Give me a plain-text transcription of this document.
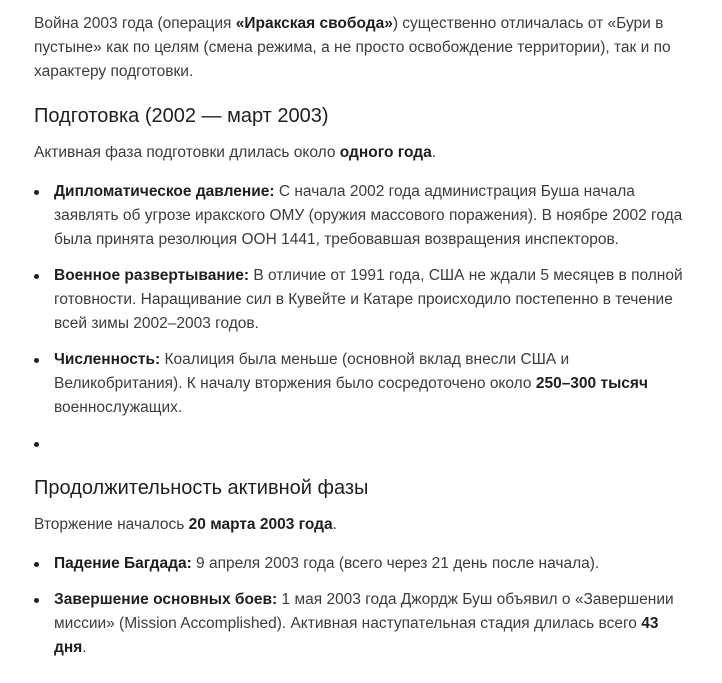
Война 2003 года (операция «Иракская свобода») существенно отличалась от «Бури в пустыне» как по целям (смена режима, а не просто освобождение территории), так и по характеру подготовки.

Подготовка (2002 — март 2003)

Активная фаза подготовки длилась около одного года.

Дипломатическое давление: С начала 2002 года администрация Буша начала заявлять об угрозе иракского ОМУ (оружия массового поражения). В ноябре 2002 года была принята резолюция ООН 1441, требовавшая возвращения инспекторов.
Военное развертывание: В отличие от 1991 года, США не ждали 5 месяцев в полной готовности. Наращивание сил в Кувейте и Катаре происходило постепенно в течение всей зимы 2002–2003 годов.
Численность: Коалиция была меньше (основной вклад внесли США и Великобритания). К началу вторжения было сосредоточено около 250–300 тысяч военнослужащих.
Продолжительность активной фазы

Вторжение началось 20 марта 2003 года.

Падение Багдада: 9 апреля 2003 года (всего через 21 день после начала).
Завершение основных боев: 1 мая 2003 года Джордж Буш объявил о «Завершении миссии» (Mission Accomplished). Активная наступательная стадия длилась всего 43 дня.
